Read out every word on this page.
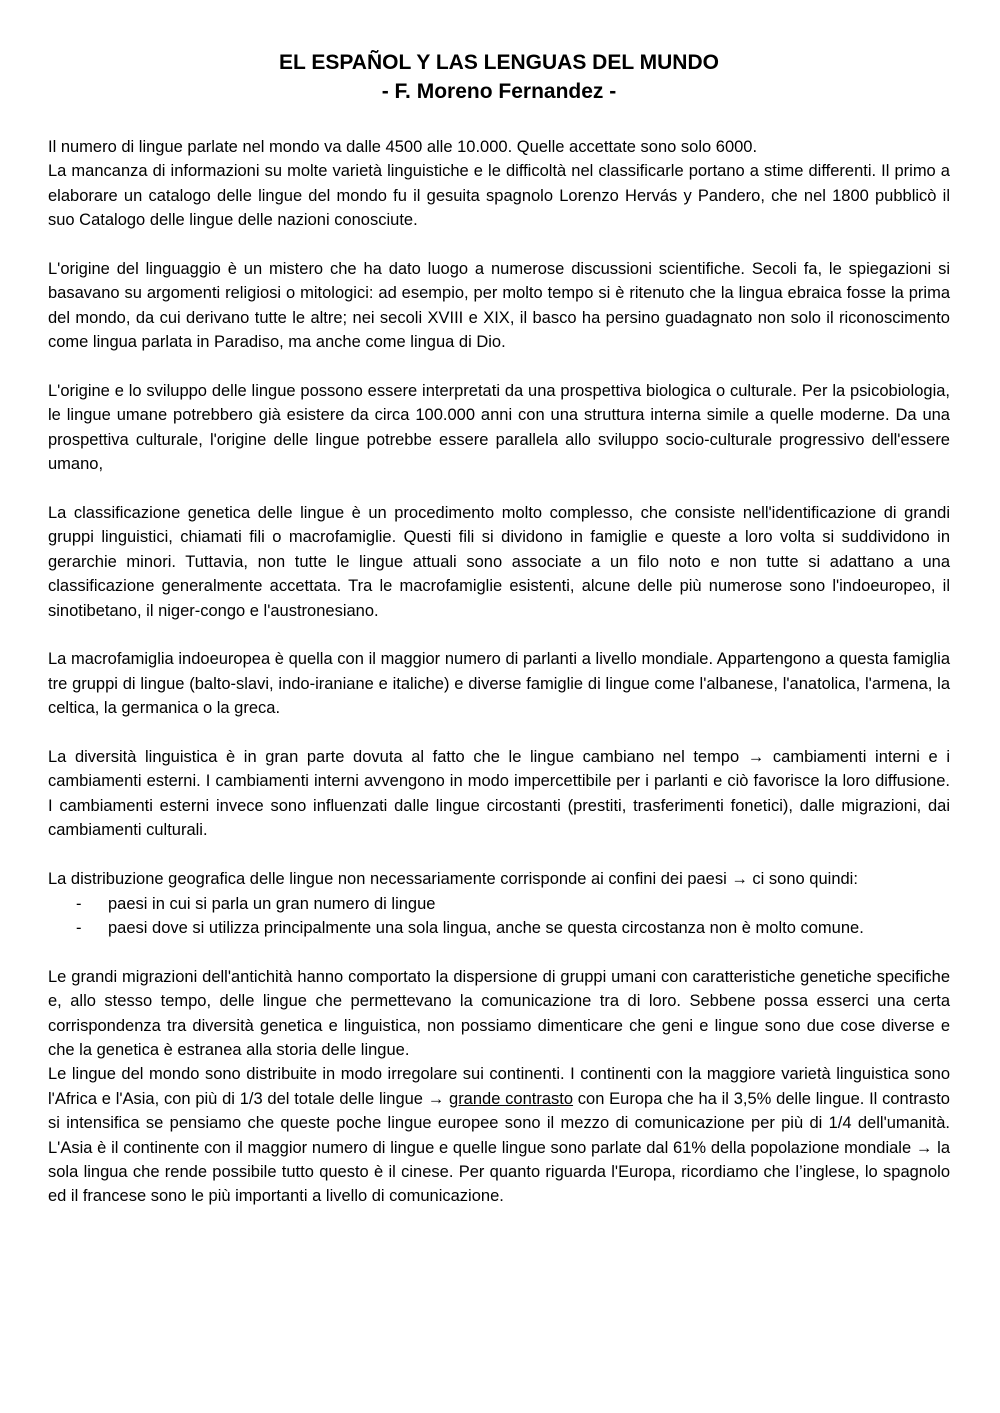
EL ESPAÑOL Y LAS LENGUAS DEL MUNDO
- F. Moreno Fernandez -

Il numero di lingue parlate nel mondo va dalle 4500 alle 10.000. Quelle accettate sono solo 6000.

La mancanza di informazioni su molte varietà linguistiche e le difficoltà nel classificarle portano a stime differenti. Il primo a elaborare un catalogo delle lingue del mondo fu il gesuita spagnolo Lorenzo Hervás y Pandero, che nel 1800 pubblicò il suo Catalogo delle lingue delle nazioni conosciute.

L'origine del linguaggio è un mistero che ha dato luogo a numerose discussioni scientifiche. Secoli fa, le spiegazioni si basavano su argomenti religiosi o mitologici: ad esempio, per molto tempo si è ritenuto che la lingua ebraica fosse la prima del mondo, da cui derivano tutte le altre; nei secoli XVIII e XIX, il basco ha persino guadagnato non solo il riconoscimento come lingua parlata in Paradiso, ma anche come lingua di Dio.

L'origine e lo sviluppo delle lingue possono essere interpretati da una prospettiva biologica o culturale. Per la psicobiologia, le lingue umane potrebbero già esistere da circa 100.000 anni con una struttura interna simile a quelle moderne. Da una prospettiva culturale, l'origine delle lingue potrebbe essere parallela allo sviluppo socio-culturale progressivo dell'essere umano,

La classificazione genetica delle lingue è un procedimento molto complesso, che consiste nell'identificazione di grandi gruppi linguistici, chiamati fili o macrofamiglie. Questi fili si dividono in famiglie e queste a loro volta si suddividono in gerarchie minori. Tuttavia, non tutte le lingue attuali sono associate a un filo noto e non tutte si adattano a una classificazione generalmente accettata. Tra le macrofamiglie esistenti, alcune delle più numerose sono l'indoeuropeo, il sinotibetano, il niger-congo e l'austronesiano.

La macrofamiglia indoeuropea è quella con il maggior numero di parlanti a livello mondiale. Appartengono a questa famiglia tre gruppi di lingue (balto-slavi, indo-iraniane e italiche) e diverse famiglie di lingue come l'albanese, l'anatolica, l'armena, la celtica, la germanica o la greca.

La diversità linguistica è in gran parte dovuta al fatto che le lingue cambiano nel tempo → cambiamenti interni e i cambiamenti esterni. I cambiamenti interni avvengono in modo impercettibile per i parlanti e ciò favorisce la loro diffusione. I cambiamenti esterni invece sono influenzati dalle lingue circostanti (prestiti, trasferimenti fonetici), dalle migrazioni, dai cambiamenti culturali.

La distribuzione geografica delle lingue non necessariamente corrisponde ai confini dei paesi → ci sono quindi:

- paesi in cui si parla un gran numero di lingue
- paesi dove si utilizza principalmente una sola lingua, anche se questa circostanza non è molto comune.

Le grandi migrazioni dell'antichità hanno comportato la dispersione di gruppi umani con caratteristiche genetiche specifiche e, allo stesso tempo, delle lingue che permettevano la comunicazione tra di loro. Sebbene possa esserci una certa corrispondenza tra diversità genetica e linguistica, non possiamo dimenticare che geni e lingue sono due cose diverse e che la genetica è estranea alla storia delle lingue.

Le lingue del mondo sono distribuite in modo irregolare sui continenti. I continenti con la maggiore varietà linguistica sono l'Africa e l'Asia, con più di 1/3 del totale delle lingue → grande contrasto con Europa che ha il 3,5% delle lingue. Il contrasto si intensifica se pensiamo che queste poche lingue europee sono il mezzo di comunicazione per più di 1/4 dell'umanità. L'Asia è il continente con il maggior numero di lingue e quelle lingue sono parlate dal 61% della popolazione mondiale → la sola lingua che rende possibile tutto questo è il cinese. Per quanto riguarda l'Europa, ricordiamo che l’inglese, lo spagnolo ed il francese sono le più importanti a livello di comunicazione.
